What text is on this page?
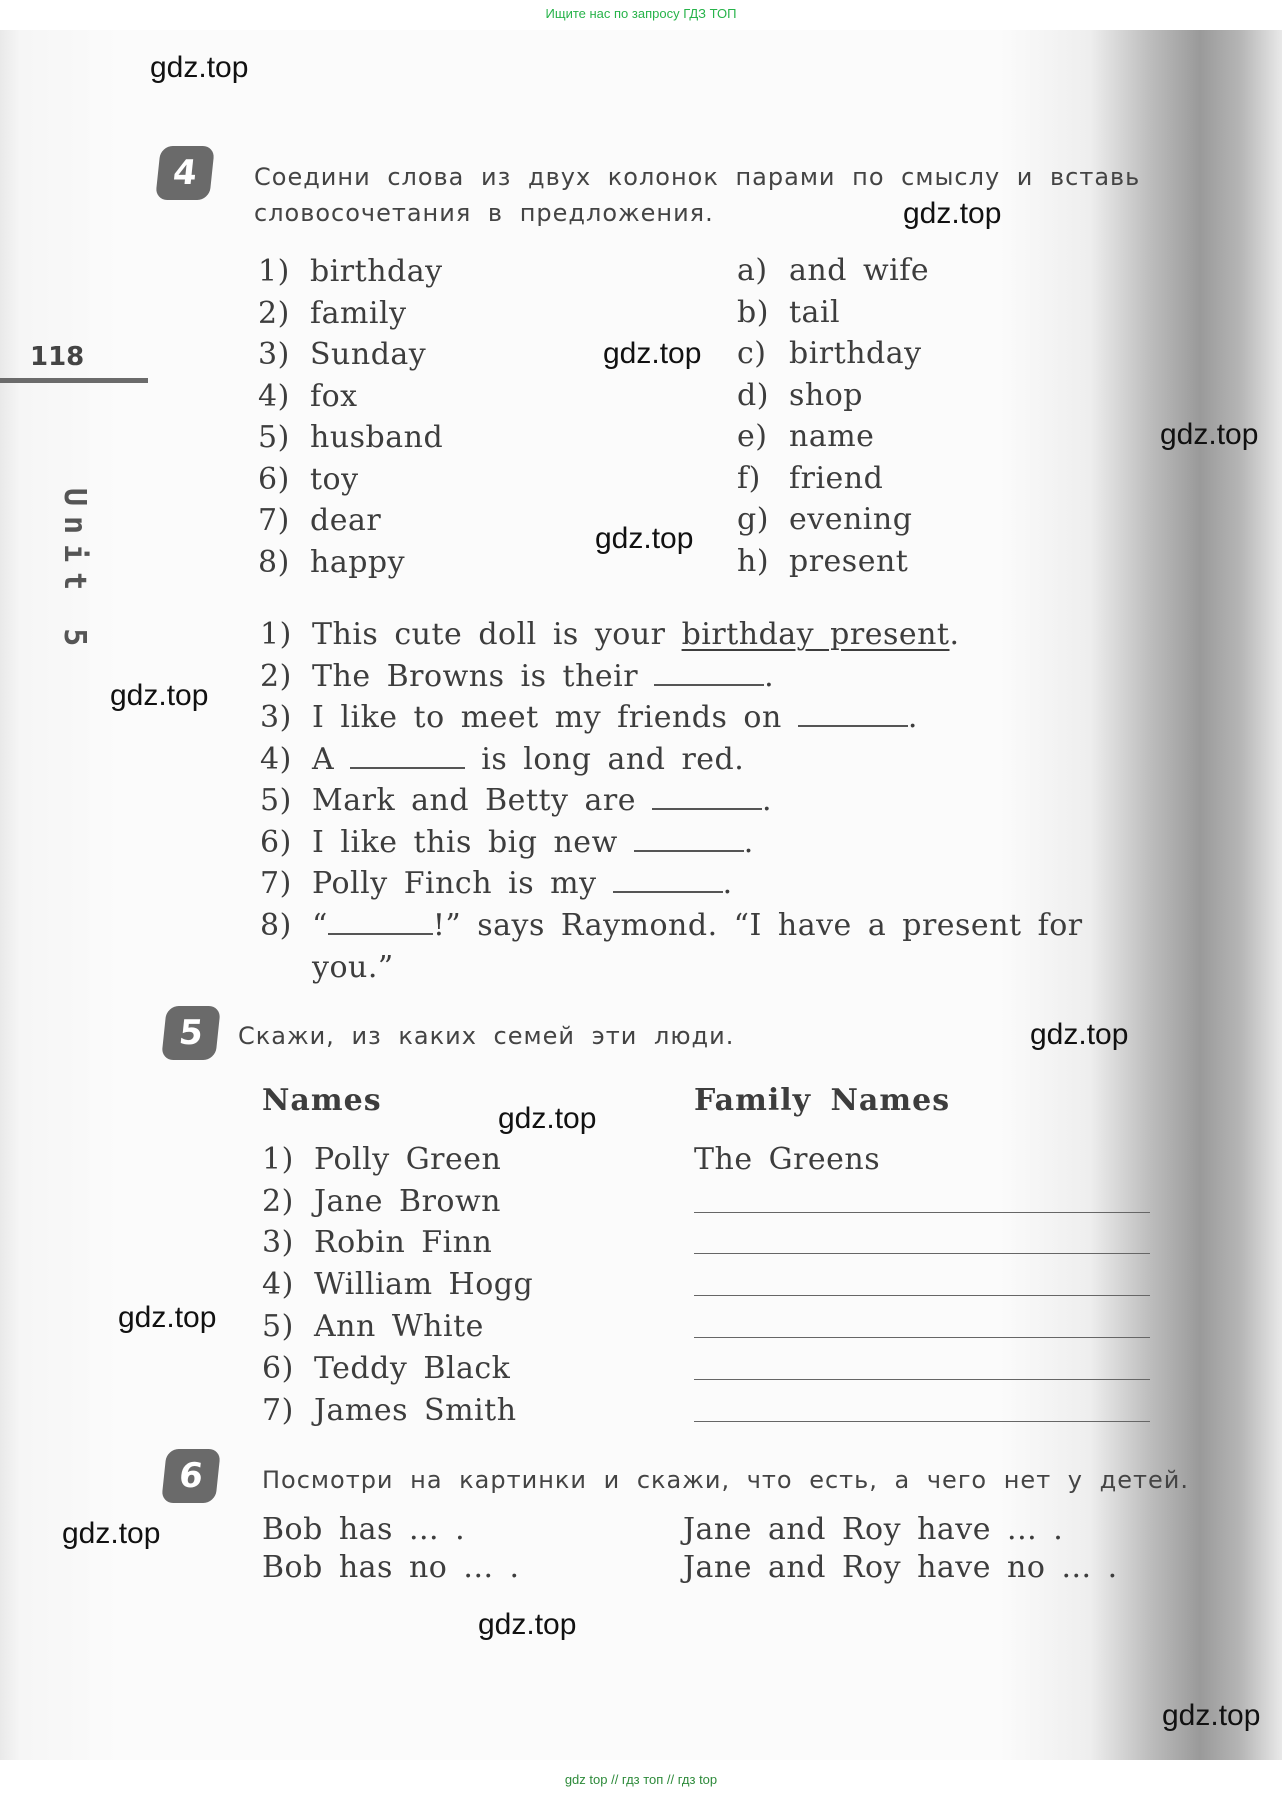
Ищите нас по запросу ГДЗ ТОП
118
Unit 5
4	Соедини слова из двух колонок парами по смыслу и вставь
словосочетания в предложения.
1) birthday
2) family
3) Sunday
4) fox
5) husband
6) toy
7) dear
8) happy
a) and wife
b) tail
c) birthday
d) shop
e) name
f) friend
g) evening
h) present
1) This cute doll is your birthday present.
2) The Browns is their	.
3) I like to meet my friends on	.
4) A	is long and red.
5) Mark and Betty are	.
6) I like this big new	.
7) Polly Finch is my	.
8) “	!” says Raymond. “I have a present for
you.”
5	Скажи, из каких семей эти люди.
Names	Family Names
1) Polly Green	The Greens
2) Jane Brown
3) Robin Finn
4) William Hogg
5) Ann White
6) Teddy Black
7) James Smith
6	Посмотри на картинки и скажи, что есть, а чего нет у детей.
Bob has ... .
Bob has no ... .
Jane and Roy have ... .
Jane and Roy have no ... .
gdz.top
gdz.top
gdz.top
gdz.top
gdz.top
gdz.top
gdz.top
gdz.top
gdz.top
gdz.top
gdz.top
gdz.top
gdz top // гдз топ // гдз top
